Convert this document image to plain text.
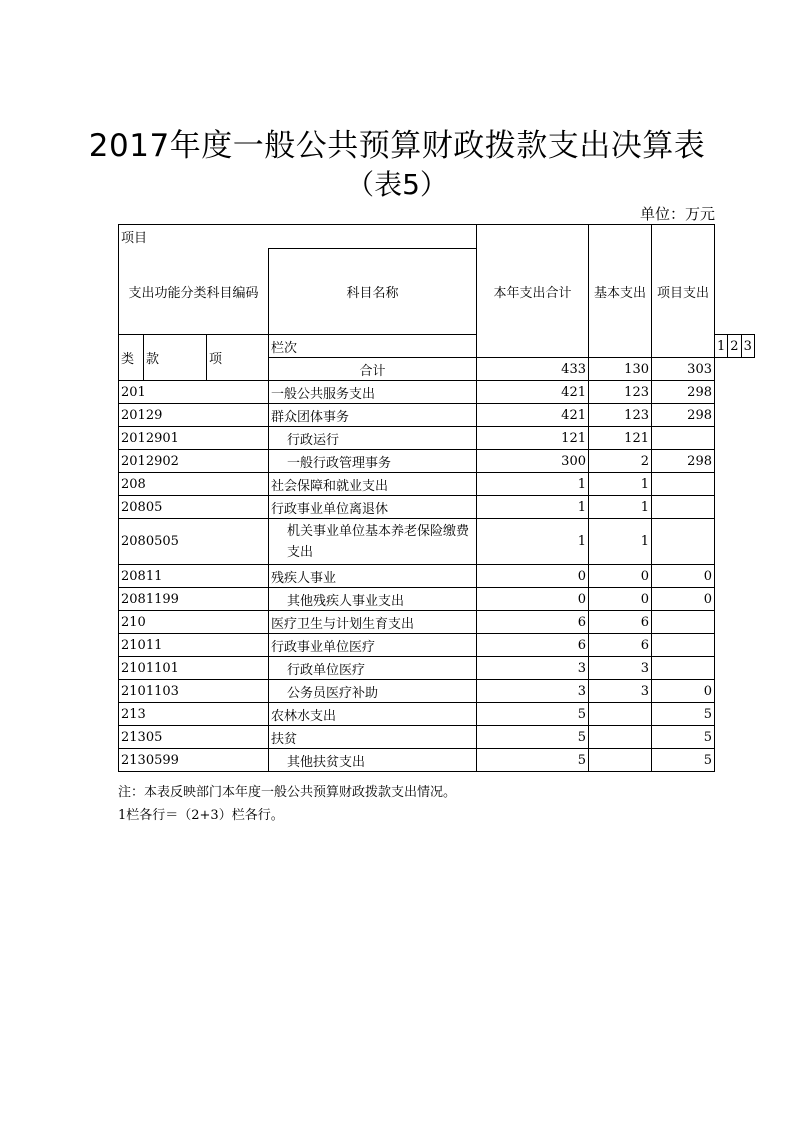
2017年度一般公共预算财政拨款支出决算表
（表5）
单位：万元
项目				本年支出合计	基本支出	项目支出			
支出功能分类科目编码			科目名称						
类	款	项	栏次				1	2	3
			合计	433	130	303			
201			一般公共服务支出	421	123	298			
20129			群众团体事务	421	123	298			
2012901			行政运行	121	121				
2012902			一般行政管理事务	300	2	298			
208			社会保障和就业支出	1	1				
20805			行政事业单位离退休	1	1				
2080505			机关事业单位基本养老保险缴费支出	1	1				
20811			残疾人事业	0	0	0			
2081199			其他残疾人事业支出	0	0	0			
210			医疗卫生与计划生育支出	6	6				
21011			行政事业单位医疗	6	6				
2101101			行政单位医疗	3	3				
2101103			公务员医疗补助	3	3	0			
213			农林水支出	5		5			
21305			扶贫	5		5			
2130599			其他扶贫支出	5		5			
注：本表反映部门本年度一般公共预算财政拨款支出情况。
1栏各行＝（2+3）栏各行。
